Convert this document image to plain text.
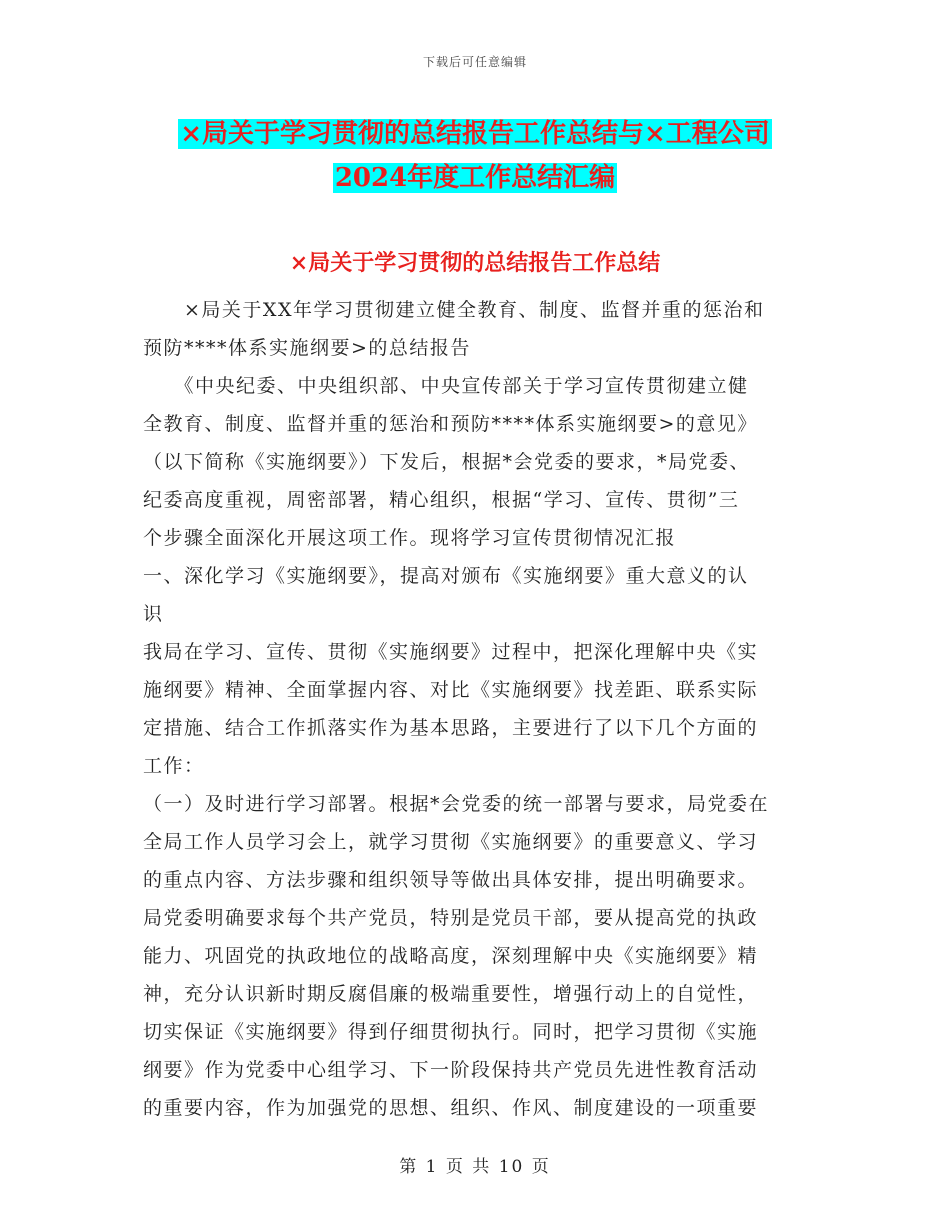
下载后可任意编辑
×局关于学习贯彻的总结报告工作总结与×工程公司
2024年度工作总结汇编
×局关于学习贯彻的总结报告工作总结
　　×局关于XX年学习贯彻建立健全教育、制度、监督并重的惩治和
预防****体系实施纲要>的总结报告
　　《中央纪委、中央组织部、中央宣传部关于学习宣传贯彻建立健
全教育、制度、监督并重的惩治和预防****体系实施纲要>的意见》
（以下简称《实施纲要》）下发后，根据*会党委的要求，*局党委、
纪委高度重视，周密部署，精心组织，根据“学习、宣传、贯彻”三
个步骤全面深化开展这项工作。现将学习宣传贯彻情况汇报
一、深化学习《实施纲要》，提高对颁布《实施纲要》重大意义的认
识
我局在学习、宣传、贯彻《实施纲要》过程中，把深化理解中央《实
施纲要》精神、全面掌握内容、对比《实施纲要》找差距、联系实际
定措施、结合工作抓落实作为基本思路，主要进行了以下几个方面的
工作：
（一）及时进行学习部署。根据*会党委的统一部署与要求，局党委在
全局工作人员学习会上，就学习贯彻《实施纲要》的重要意义、学习
的重点内容、方法步骤和组织领导等做出具体安排，提出明确要求。
局党委明确要求每个共产党员，特别是党员干部，要从提高党的执政
能力、巩固党的执政地位的战略高度，深刻理解中央《实施纲要》精
神，充分认识新时期反腐倡廉的极端重要性，增强行动上的自觉性，
切实保证《实施纲要》得到仔细贯彻执行。同时，把学习贯彻《实施
纲要》作为党委中心组学习、下一阶段保持共产党员先进性教育活动
的重要内容，作为加强党的思想、组织、作风、制度建设的一项重要
第 1 页 共 10 页
